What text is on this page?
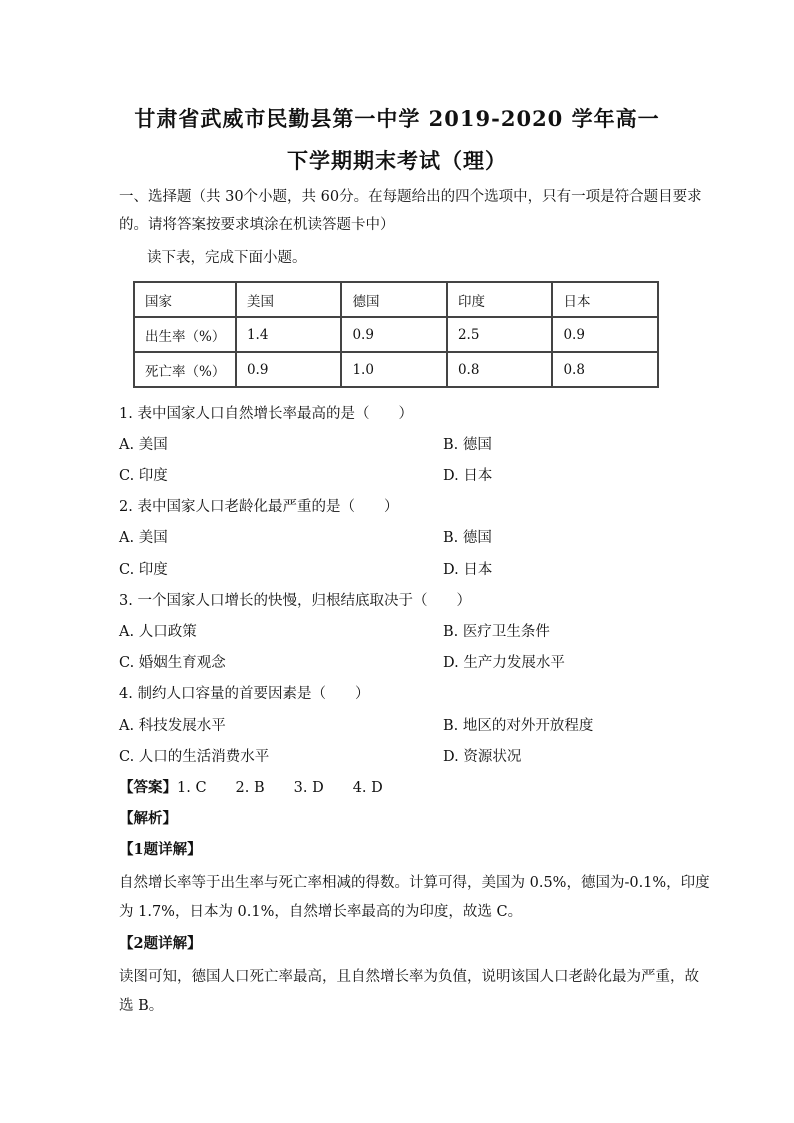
甘肃省武威市民勤县第一中学 2019-2020 学年高一
下学期期末考试（理）
一、选择题（共 30个小题，共 60分。在每题给出的四个选项中，只有一项是符合题目要求
的。请将答案按要求填涂在机读答题卡中）
读下表，完成下面小题。
国家	美国	德国	印度	日本
出生率（%）	1.4	0.9	2.5	0.9
死亡率（%）	0.9	1.0	0.8	0.8
1. 表中国家人口自然增长率最高的是（　　）
A. 美国	B. 德国
C. 印度	D. 日本
2. 表中国家人口老龄化最严重的是（　　）
A. 美国	B. 德国
C. 印度	D. 日本
3. 一个国家人口增长的快慢，归根结底取决于（　　）
A. 人口政策	B. 医疗卫生条件
C. 婚姻生育观念	D. 生产力发展水平
4. 制约人口容量的首要因素是（　　）
A. 科技发展水平	B. 地区的对外开放程度
C. 人口的生活消费水平	D. 资源状况
【答案】1. C　　2. B　　3. D　　4. D
【解析】
【1题详解】
自然增长率等于出生率与死亡率相减的得数。计算可得，美国为 0.5%，德国为-0.1%，印度
为 1.7%，日本为 0.1%，自然增长率最高的为印度，故选 C。
【2题详解】
读图可知，德国人口死亡率最高，且自然增长率为负值，说明该国人口老龄化最为严重，故
选 B。
